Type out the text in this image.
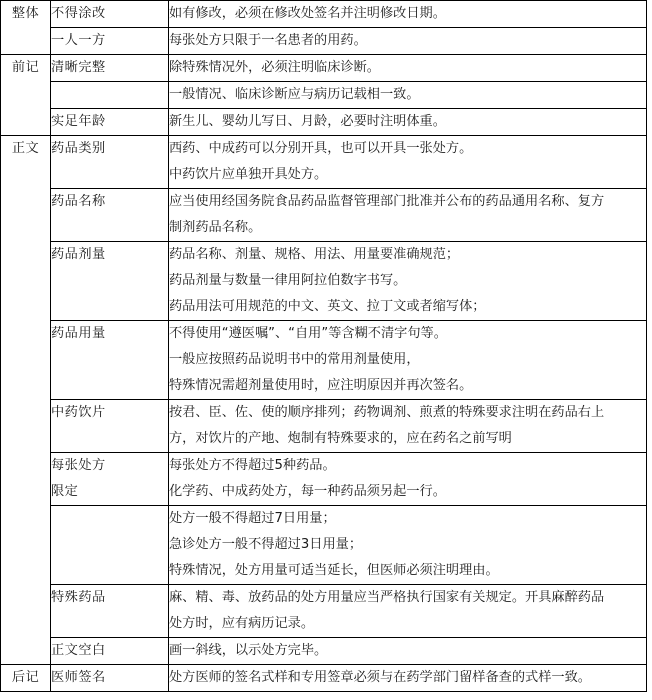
整体	不得涂改	如有修改，必须在修改处签名并注明修改日期。

	一人一方	每张处方只限于一名患者的用药。

前记	清晰完整	除特殊情况外，必须注明临床诊断。

		一般情况、临床诊断应与病历记载相一致。

	实足年龄	新生儿、婴幼儿写日、月龄，必要时注明体重。

正文	药品类别	西药、中成药可以分别开具，也可以开具一张处方。
中药饮片应单独开具处方。

	药品名称	应当使用经国务院食品药品监督管理部门批准并公布的药品通用名称、复方
制剂药品名称。

	药品剂量	药品名称、剂量、规格、用法、用量要准确规范；
药品剂量与数量一律用阿拉伯数字书写。
药品用法可用规范的中文、英文、拉丁文或者缩写体；

	药品用量	不得使用“遵医嘱”、“自用”等含糊不清字句等。
一般应按照药品说明书中的常用剂量使用，
特殊情况需超剂量使用时，应注明原因并再次签名。

	中药饮片	按君、臣、佐、使的顺序排列；药物调剂、煎煮的特殊要求注明在药品右上
方，对饮片的产地、炮制有特殊要求的，应在药名之前写明

	每张处方
限定	每张处方不得超过5种药品。
化学药、中成药处方，每一种药品须另起一行。

		处方一般不得超过7日用量；
急诊处方一般不得超过3日用量；
特殊情况，处方用量可适当延长，但医师必须注明理由。

	特殊药品	麻、精、毒、放药品的处方用量应当严格执行国家有关规定。开具麻醉药品
处方时，应有病历记录。

	正文空白	画一斜线，以示处方完毕。

后记	医师签名	处方医师的签名式样和专用签章必须与在药学部门留样备查的式样一致。
